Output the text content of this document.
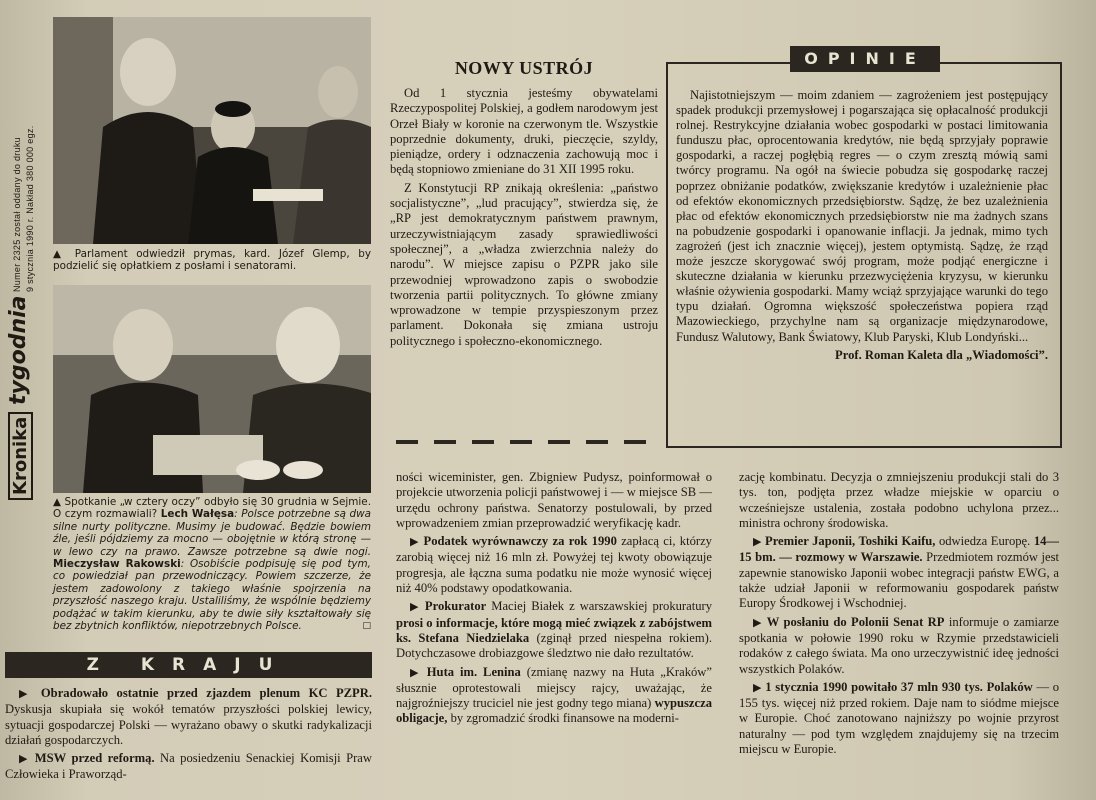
Numer 2325 został oddany do druku 9 stycznia 1990 r. Nakład 380 000 egz.
tygodnia
Kronika
▲ Parlament odwiedził prymas, kard. Józef Glemp, by podzielić się opłatkiem z posłami i senatorami.
▲ Spotkanie „w cztery oczy” odbyło się 30 grudnia w Sejmie. O czym rozmawiali? Lech Wałęsa: Polsce potrzebne są dwa silne nurty polityczne. Musimy je budować. Będzie bowiem źle, jeśli pójdziemy za mocno — obojętnie w którą stronę — w lewo czy na prawo. Zawsze potrzebne są dwie nogi. Mieczysław Rakowski: Osobiście podpisuję się pod tym, co powiedział pan przewodniczący. Powiem szczerze, że jestem zadowolony z takiego właśnie spojrzenia na przyszłość naszego kraju. Ustaliliśmy, że wspólnie będziemy podążać w takim kierunku, aby te dwie siły kształtowały się bez zbytnich konfliktów, niepotrzebnych Polsce.	□
Z KRAJU

▶ Obradowało ostatnie przed zjazdem plenum KC PZPR. Dyskusja skupiała się wokół tematów przyszłości polskiej lewicy, sytuacji gospodarczej Polski — wyrażano obawy o skutki radykalizacji działań gospodarczych.

▶ MSW przed reformą. Na posiedzeniu Senackiej Komisji Praw Człowieka i Praworząd-

NOWY USTRÓJ

Od 1 stycznia jesteśmy obywatelami Rzeczypospolitej Polskiej, a godłem narodowym jest Orzeł Biały w koronie na czerwonym tle. Wszystkie poprzednie dokumenty, druki, pieczęcie, szyldy, pieniądze, ordery i odznaczenia zachowują moc i będą stopniowo zmieniane do 31 XII 1995 roku.

Z Konstytucji RP znikają określenia: „państwo socjalistyczne”, „lud pracujący”, stwierdza się, że „RP jest demokratycznym państwem prawnym, urzeczywistniającym zasady sprawiedliwości społecznej”, a „władza zwierzchnia należy do narodu”. W miejsce zapisu o PZPR jako sile przewodniej wprowadzono zapis o swobodzie tworzenia partii politycznych. To główne zmiany wprowadzone w tempie przyspieszonym przez parlament. Dokonała się zmiana ustroju politycznego i społeczno-ekonomicznego.

OPINIE

Najistotniejszym — moim zdaniem — zagrożeniem jest postępujący spadek produkcji przemysłowej i pogarszająca się opłacalność produkcji rolnej. Restrykcyjne działania wobec gospodarki w postaci limitowania funduszu płac, oprocentowania kredytów, nie będą sprzyjały poprawie gospodarki, a raczej pogłębią regres — o czym zresztą mówią sami twórcy programu. Na ogół na świecie pobudza się gospodarkę raczej poprzez obniżanie podatków, zwiększanie kredytów i uzależnienie płac od efektów ekonomicznych przedsiębiorstw. Sądzę, że bez uzależnienia płac od efektów ekonomicznych przedsiębiorstw nie ma żadnych szans na pobudzenie gospodarki i opanowanie inflacji. Ja jednak, mimo tych zagrożeń (jest ich znacznie więcej), jestem optymistą. Sądzę, że rząd może jeszcze skorygować swój program, może podjąć energiczne i skuteczne działania w kierunku przezwyciężenia kryzysu, w kierunku właśnie ożywienia gospodarki. Mamy wciąż sprzyjające warunki do tego typu działań. Ogromna większość społeczeństwa popiera rząd Mazowieckiego, przychylne nam są organizacje międzynarodowe, Fundusz Walutowy, Bank Światowy, Klub Paryski, Klub Londyński...

Prof. Roman Kaleta dla „Wiadomości”.

ności wiceminister, gen. Zbigniew Pudysz, poinformował o projekcie utworzenia policji państwowej i — w miejsce SB — urzędu ochrony państwa. Senatorzy postulowali, by przed wprowadzeniem zmian przeprowadzić weryfikację kadr.

▶ Podatek wyrównawczy za rok 1990 zapłacą ci, którzy zarobią więcej niż 16 mln zł. Powyżej tej kwoty obowiązuje progresja, ale łączna suma podatku nie może wynosić więcej niż 40% podstawy opodatkowania.

▶ Prokurator Maciej Białek z warszawskiej prokuratury prosi o informacje, które mogą mieć związek z zabójstwem ks. Stefana Niedzielaka (zginął przed niespełna rokiem). Dotychczasowe drobiazgowe śledztwo nie dało rezultatów.

▶ Huta im. Lenina (zmianę nazwy na Huta „Kraków” słusznie oprotestowali miejscy rajcy, uważając, że najgroźniejszy truciciel nie jest godny tego miana) wypuszcza obligacje, by zgromadzić środki finansowe na moderni-

zację kombinatu. Decyzja o zmniejszeniu produkcji stali do 3 tys. ton, podjęta przez władze miejskie w oparciu o wcześniejsze ustalenia, została podobno uchylona przez... ministra ochrony środowiska.

▶ Premier Japonii, Toshiki Kaifu, odwiedza Europę. 14—15 bm. — rozmowy w Warszawie. Przedmiotem rozmów jest zapewnie stanowisko Japonii wobec integracji państw EWG, a także udział Japonii w reformowaniu gospodarek państw Europy Środkowej i Wschodniej.

▶ W posłaniu do Polonii Senat RP informuje o zamiarze spotkania w połowie 1990 roku w Rzymie przedstawicieli rodaków z całego świata. Ma ono urzeczywistnić ideę jedności wszystkich Polaków.

▶ 1 stycznia 1990 powitało 37 mln 930 tys. Polaków — o 155 tys. więcej niż przed rokiem. Daje nam to siódme miejsce w Europie. Choć zanotowano najniższy po wojnie przyrost naturalny — pod tym względem znajdujemy się na trzecim miejscu w Europie.
